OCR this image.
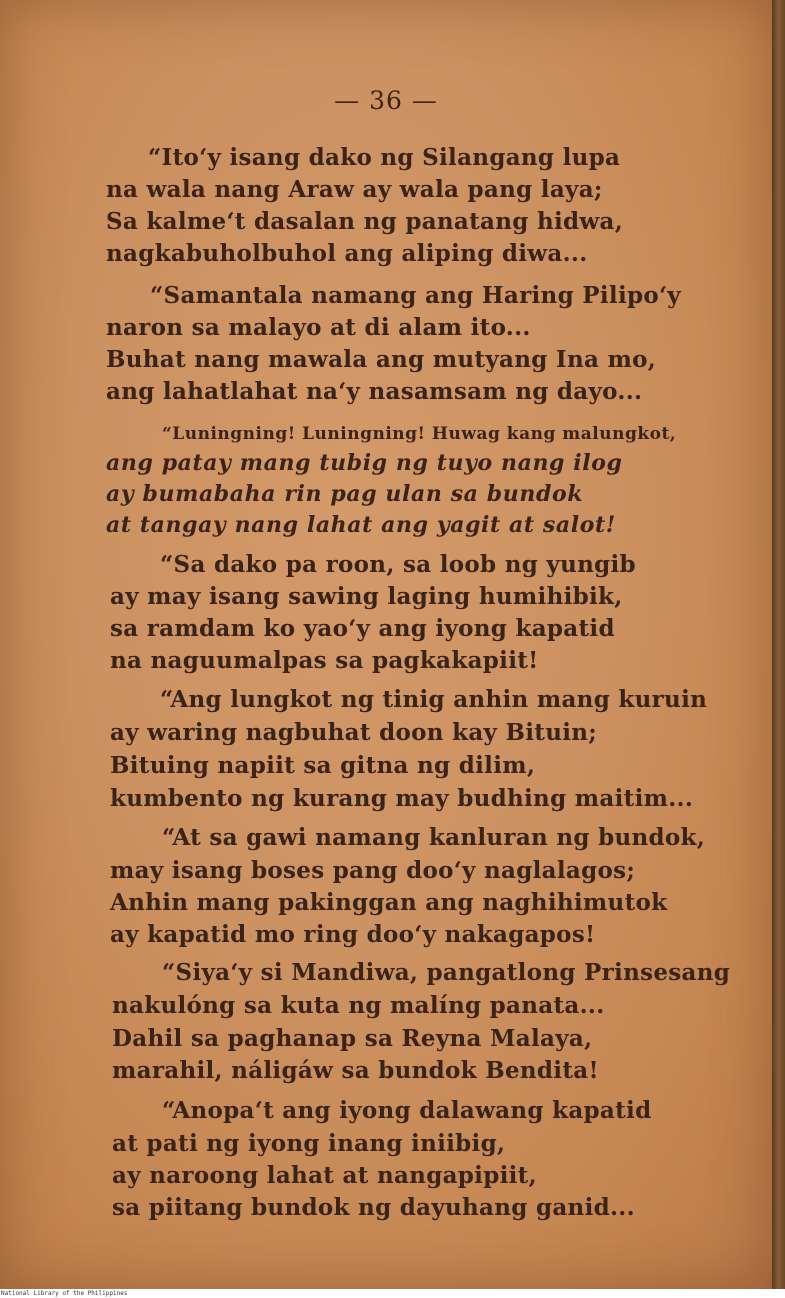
— 36 —
“Ito‘y isang dako ng Silangang lupa
na wala nang Araw ay wala pang laya;
Sa kalme‘t dasalan ng panatang hidwa,
nagkabuholbuhol ang aliping diwa...
“Samantala namang ang Haring Pilipo‘y
naron sa malayo at di alam ito...
Buhat nang mawala ang mutyang Ina mo,
ang lahatlahat na‘y nasamsam ng dayo...
“Luningning! Luningning! Huwag kang malungkot,
ang patay mang tubig ng tuyo nang ilog
ay bumabaha rin pag ulan sa bundok
at tangay nang lahat ang yagit at salot!
“Sa dako pa roon, sa loob ng yungib
ay may isang sawing laging humihibik,
sa ramdam ko yao‘y ang iyong kapatid
na naguumalpas sa pagkakapiit!
“Ang lungkot ng tinig anhin mang kuruin
ay waring nagbuhat doon kay Bituin;
Bituing napiit sa gitna ng dilim,
kumbento ng kurang may budhing maitim...
“At sa gawi namang kanluran ng bundok,
may isang boses pang doo‘y naglalagos;
Anhin mang pakinggan ang naghihimutok
ay kapatid mo ring doo‘y nakagapos!
“Siya‘y si Mandiwa, pangatlong Prinsesang
nakulóng sa kuta ng malíng panata...
Dahil sa paghanap sa Reyna Malaya,
marahil, náligáw sa bundok Bendita!
“Anopa‘t ang iyong dalawang kapatid
at pati ng iyong inang iniibig,
ay naroong lahat at nangapipiit,
sa piitang bundok ng dayuhang ganid...
National Library of the Philippines
